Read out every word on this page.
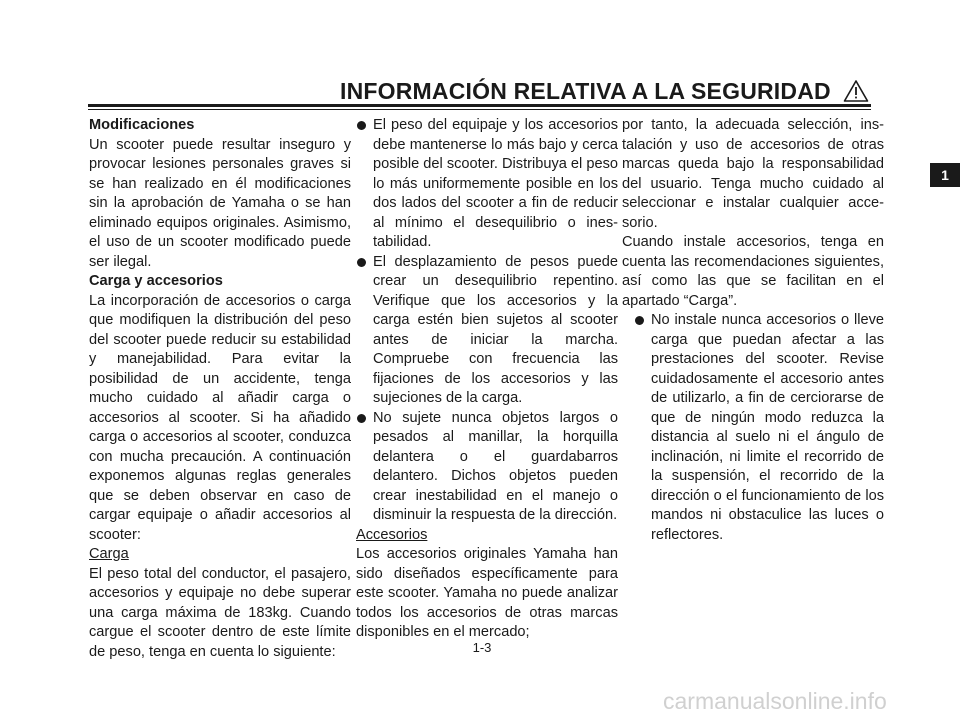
INFORMACIÓN RELATIVA A LA SEGURIDAD

Modificaciones

Un scooter puede resultar inseguro y provocar lesiones personales graves si se han realizado en él modificaciones sin la aprobación de Yamaha o se han eliminado equipos originales. Asimismo, el uso de un scooter modificado puede ser ilegal.

Carga y accesorios

La incorporación de accesorios o carga que modifiquen la distribución del peso del scooter puede reducir su estabilidad y manejabilidad. Para evitar la posibilidad de un accidente, tenga mucho cuidado al añadir carga o accesorios al scooter. Si ha añadido carga o accesorios al scooter, conduzca con mucha precaución. A continuación exponemos algunas reglas generales que se deben observar en caso de cargar equipaje o añadir accesorios al scooter:

Carga

El peso total del conductor, el pasajero, accesorios y equipaje no debe superar una carga máxima de 183kg. Cuando cargue el scooter dentro de este límite de peso, tenga en cuenta lo siguiente:

El peso del equipaje y los accesorios debe mantenerse lo más bajo y cerca posible del scooter. Distribuya el peso lo más uniformemente posible en los dos lados del scooter a fin de reducir al mínimo el desequilibrio o inestabilidad.
El desplazamiento de pesos puede crear un desequilibrio repentino. Verifique que los accesorios y la carga estén bien sujetos al scooter antes de iniciar la marcha. Compruebe con frecuencia las fijaciones de los accesorios y las sujeciones de la carga.
No sujete nunca objetos largos o pesados al manillar, la horquilla delantera o el guardabarros delantero. Dichos objetos pueden crear inestabilidad en el manejo o disminuir la respuesta de la dirección.

Accesorios

Los accesorios originales Yamaha han sido diseñados específicamente para este scooter. Yamaha no puede analizar todos los accesorios de otras marcas disponibles en el mercado;

por tanto, la adecuada selección, instalación y uso de accesorios de otras marcas queda bajo la responsabilidad del usuario. Tenga mucho cuidado al seleccionar e instalar cualquier accesorio.

Cuando instale accesorios, tenga en cuenta las recomendaciones siguientes, así como las que se facilitan en el apartado “Carga”.

No instale nunca accesorios o lleve carga que puedan afectar a las prestaciones del scooter. Revise cuidadosamente el accesorio antes de utilizarlo, a fin de cerciorarse de que de ningún modo reduzca la distancia al suelo ni el ángulo de inclinación, ni limite el recorrido de la suspensión, el recorrido de la dirección o el funcionamiento de los mandos ni obstaculice las luces o reflectores.
1-3
1
carmanualsonline.info
